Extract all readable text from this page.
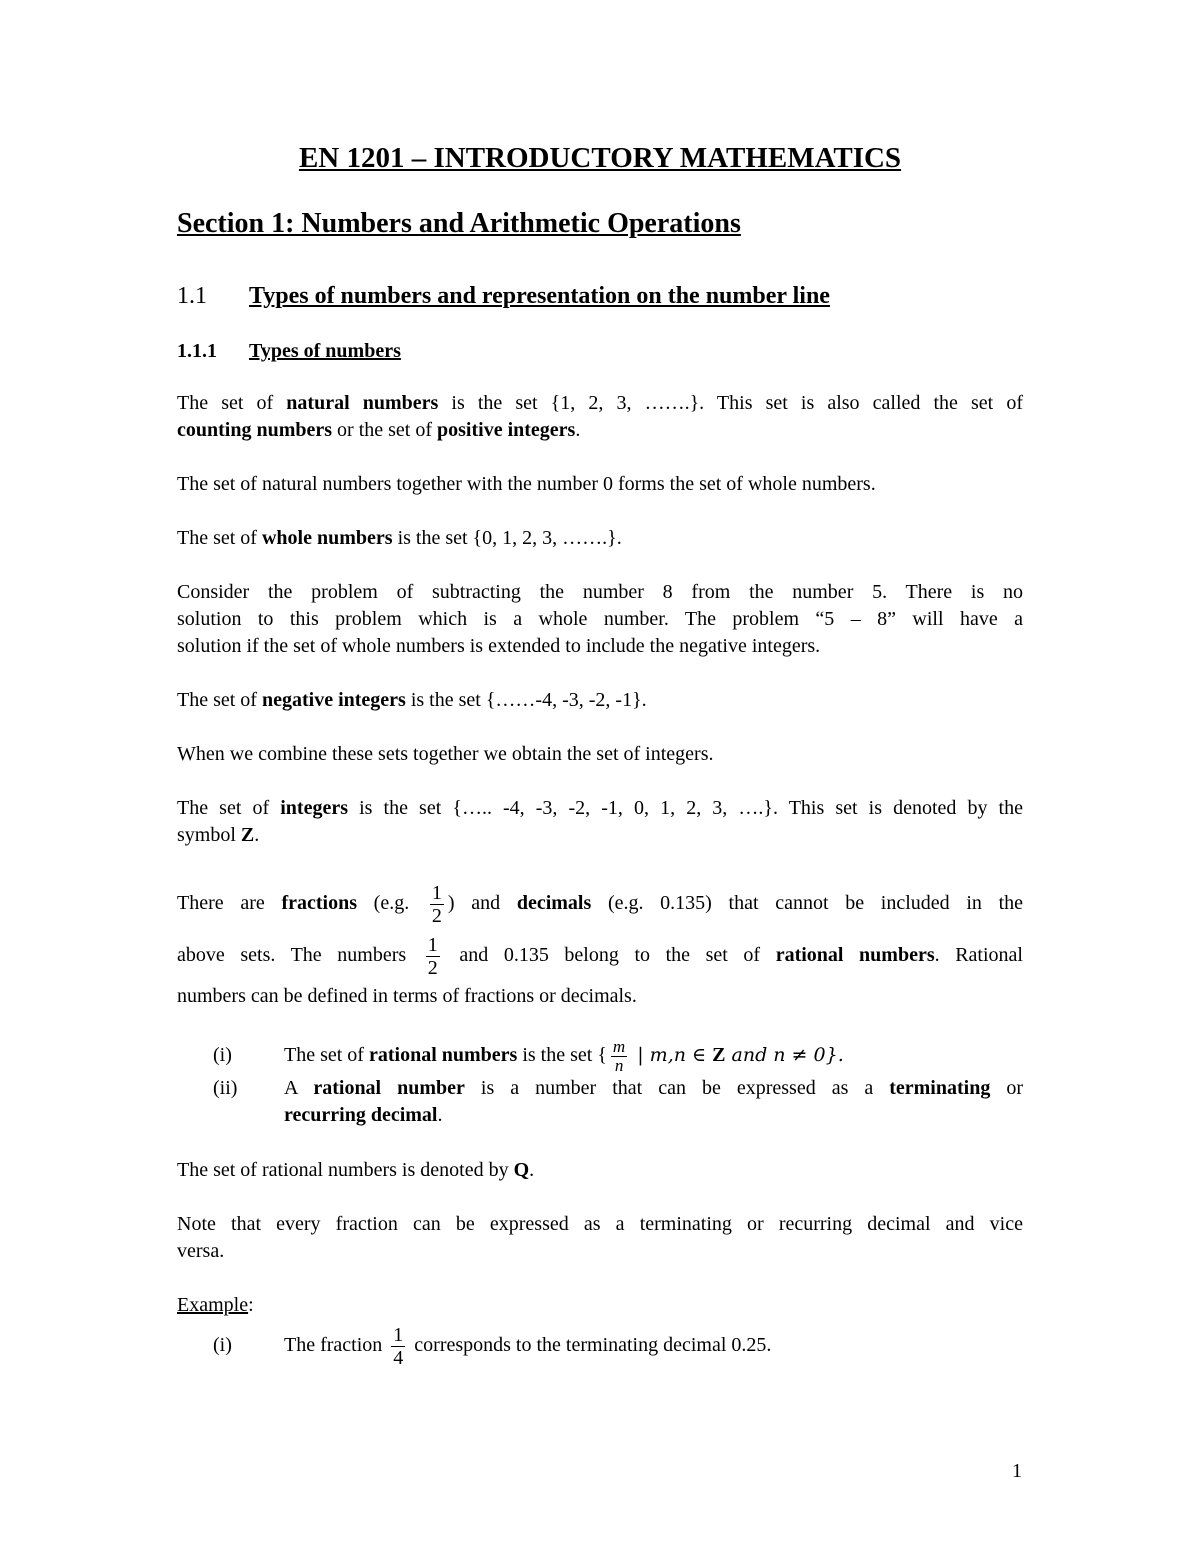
EN 1201 – INTRODUCTORY MATHEMATICS
Section 1: Numbers and Arithmetic Operations
1.1 Types of numbers and representation on the number line
1.1.1 Types of numbers
The set of natural numbers is the set {1, 2, 3, …….}. This set is also called the set of
counting numbers or the set of positive integers.
The set of natural numbers together with the number 0 forms the set of whole numbers.
The set of whole numbers is the set {0, 1, 2, 3, …….}.
Consider the problem of subtracting the number 8 from the number 5. There is no
solution to this problem which is a whole number. The problem “5 – 8” will have a
solution if the set of whole numbers is extended to include the negative integers.
The set of negative integers is the set {……-4, -3, -2, -1}.
When we combine these sets together we obtain the set of integers.
The set of integers is the set {….. -4, -3, -2, -1, 0, 1, 2, 3, ….}. This set is denoted by the
symbol Z.
There are fractions (e.g. $\frac{1}{2}$ ) and decimals (e.g. 0.135) that cannot be included in the
above sets. The numbers $\frac{1}{2}$ and 0.135 belong to the set of rational numbers. Rational
numbers can be defined in terms of fractions or decimals.
(i)	The set of rational numbers is the set { $\frac{m}{n}$ | m,n ∈ Z and n ≠ 0}.
(ii) A rational number is a number that can be expressed as a terminating or
recurring decimal.
The set of rational numbers is denoted by Q.
Note that every fraction can be expressed as a terminating or recurring decimal and vice
versa.
Example:
(i)	The fraction $\frac{1}{4}$ corresponds to the terminating decimal 0.25.
1
